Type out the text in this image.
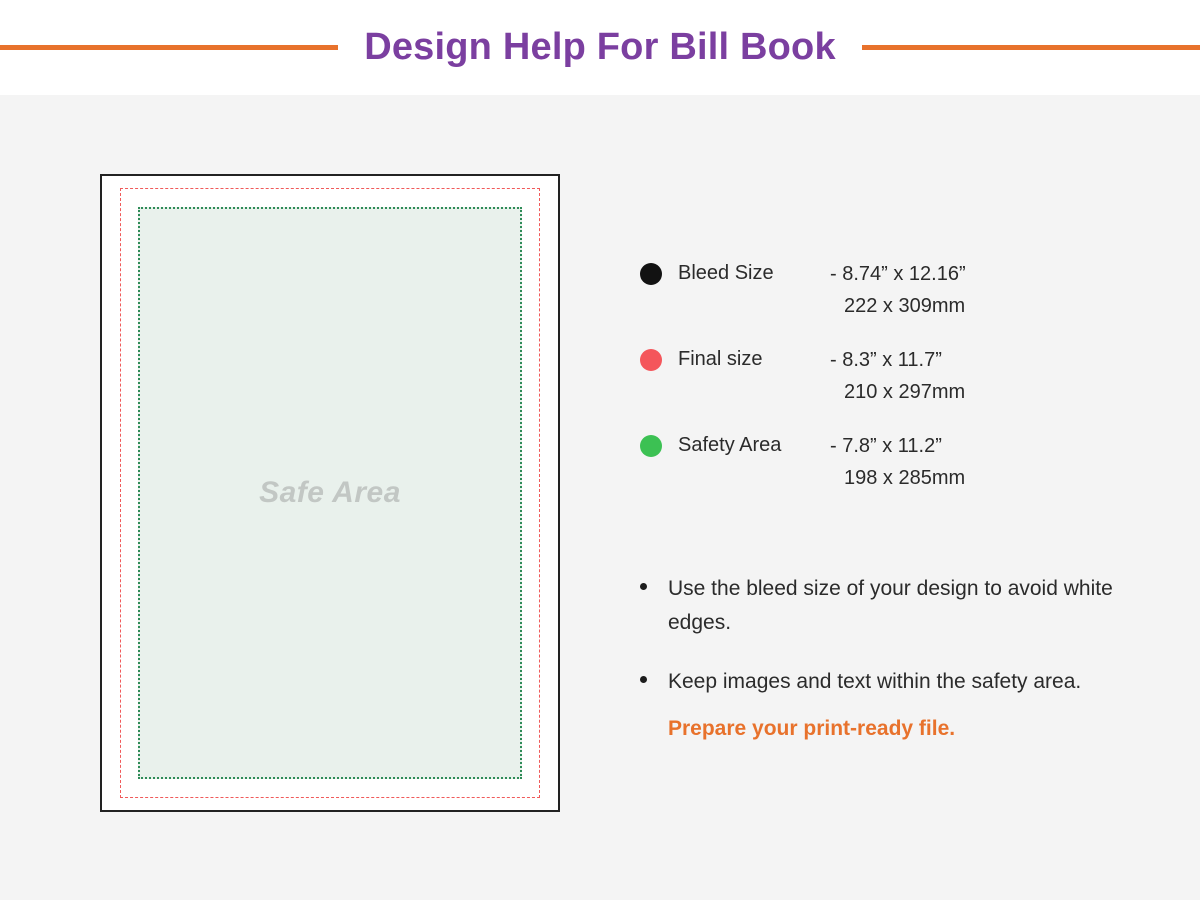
Design Help For Bill Book
Safe Area
Bleed Size	- 8.74” x 12.16”
222 x 309mm
Final size	- 8.3” x 11.7”
210 x 297mm
Safety Area	- 7.8” x 11.2”
198 x 285mm
Use the bleed size of your design to avoid white edges.
Keep images and text within the safety area.
Prepare your print-ready file.
